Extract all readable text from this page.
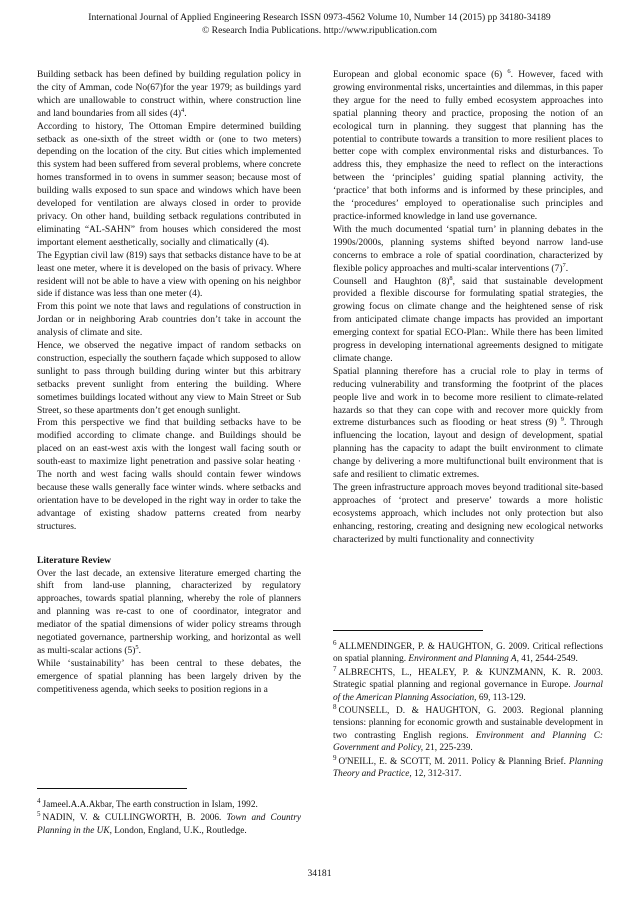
International Journal of Applied Engineering Research ISSN 0973-4562 Volume 10, Number 14 (2015) pp 34180-34189
© Research India Publications. http://www.ripublication.com

Building setback has been defined by building regulation policy in the city of Amman, code No(67)for the year 1979; as buildings yard which are unallowable to construct within, where construction line and land boundaries from all sides $(4)^4$.

According to history, The Ottoman Empire determined building setback as one-sixth of the street width or (one to two meters) depending on the location of the city. But cities which implemented this system had been suffered from several problems, where concrete homes transformed in to ovens in summer season; because most of building walls exposed to sun space and windows which have been developed for ventilation are always closed in order to provide privacy. On other hand, building setback regulations contributed in eliminating “AL-SAHN” from houses which considered the most important element aesthetically, socially and climatically (4).

The Egyptian civil law (819) says that setbacks distance have to be at least one meter, where it is developed on the basis of privacy. Where resident will not be able to have a view with opening on his neighbor side if distance was less than one meter (4).

From this point we note that laws and regulations of construction in Jordan or in neighboring Arab countries don’t take in account the analysis of climate and site.

Hence, we observed the negative impact of random setbacks on construction, especially the southern façade which supposed to allow sunlight to pass through building during winter but this arbitrary setbacks prevent sunlight from entering the building. Where sometimes buildings located without any view to Main Street or Sub Street, so these apartments don’t get enough sunlight.

From this perspective we find that building setbacks have to be modified according to climate change. and Buildings should be placed on an east-west axis with the longest wall facing south or south-east to maximize light penetration and passive solar heating · The north and west facing walls should contain fewer windows because these walls generally face winter winds. where setbacks and orientation have to be developed in the right way in order to take the advantage of existing shadow patterns created from nearby structures.

Literature Review

Over the last decade, an extensive literature emerged charting the shift from land-use planning, characterized by regulatory approaches, towards spatial planning, whereby the role of planners and planning was re-cast to one of coordinator, integrator and mediator of the spatial dimensions of wider policy streams through negotiated governance, partnership working, and horizontal as well as multi-scalar actions $(5)^5$.

While ‘sustainability’ has been central to these debates, the emergence of spatial planning has been largely driven by the competitiveness agenda, which seeks to position regions in a

European and global economic space (6) $^6$. However, faced with growing environmental risks, uncertainties and dilemmas, in this paper they argue for the need to fully embed ecosystem approaches into spatial planning theory and practice, proposing the notion of an ecological turn in planning. they suggest that planning has the potential to contribute towards a transition to more resilient places to better cope with complex environmental risks and disturbances. To address this, they emphasize the need to reflect on the interactions between the ‘principles’ guiding spatial planning activity, the ‘practice’ that both informs and is informed by these principles, and the ‘procedures’ employed to operationalise such principles and practice-informed knowledge in land use governance.

With the much documented ‘spatial turn’ in planning debates in the 1990s/2000s, planning systems shifted beyond narrow land-use concerns to embrace a role of spatial coordination, characterized by flexible policy approaches and multi-scalar interventions $(7)^7$.

Counsell and Haughton $(8)^8$, said that sustainable development provided a flexible discourse for formulating spatial strategies, the growing focus on climate change and the heightened sense of risk from anticipated climate change impacts has provided an important emerging context for spatial ECO-Plan:. While there has been limited progress in developing international agreements designed to mitigate climate change.

Spatial planning therefore has a crucial role to play in terms of reducing vulnerability and transforming the footprint of the places people live and work in to become more resilient to climate-related hazards so that they can cope with and recover more quickly from extreme disturbances such as flooding or heat stress (9) $^9$. Through influencing the location, layout and design of development, spatial planning has the capacity to adapt the built environment to climate change by delivering a more multifunctional built environment that is safe and resilient to climatic extremes.

The green infrastructure approach moves beyond traditional site-based approaches of ‘protect and preserve’ towards a more holistic ecosystems approach, which includes not only protection but also enhancing, restoring, creating and designing new ecological networks characterized by multi functionality and connectivity

$^4$ Jameel.A.A.Akbar, The earth construction in Islam, 1992.

$^5$ NADIN, V. & CULLINGWORTH, B. 2006. Town and Country Planning in the UK, London, England, U.K., Routledge.

$^6$ ALLMENDINGER, P. & HAUGHTON, G. 2009. Critical reflections on spatial planning. Environment and Planning A, 41, 2544-2549.

$^7$ ALBRECHTS, L., HEALEY, P. & KUNZMANN, K. R. 2003. Strategic spatial planning and regional governance in Europe. Journal of the American Planning Association, 69, 113-129.

$^8$ COUNSELL, D. & HAUGHTON, G. 2003. Regional planning tensions: planning for economic growth and sustainable development in two contrasting English regions. Environment and Planning C: Government and Policy, 21, 225-239.

$^9$ O'NEILL, E. & SCOTT, M. 2011. Policy & Planning Brief. Planning Theory and Practice, 12, 312-317.

34181
